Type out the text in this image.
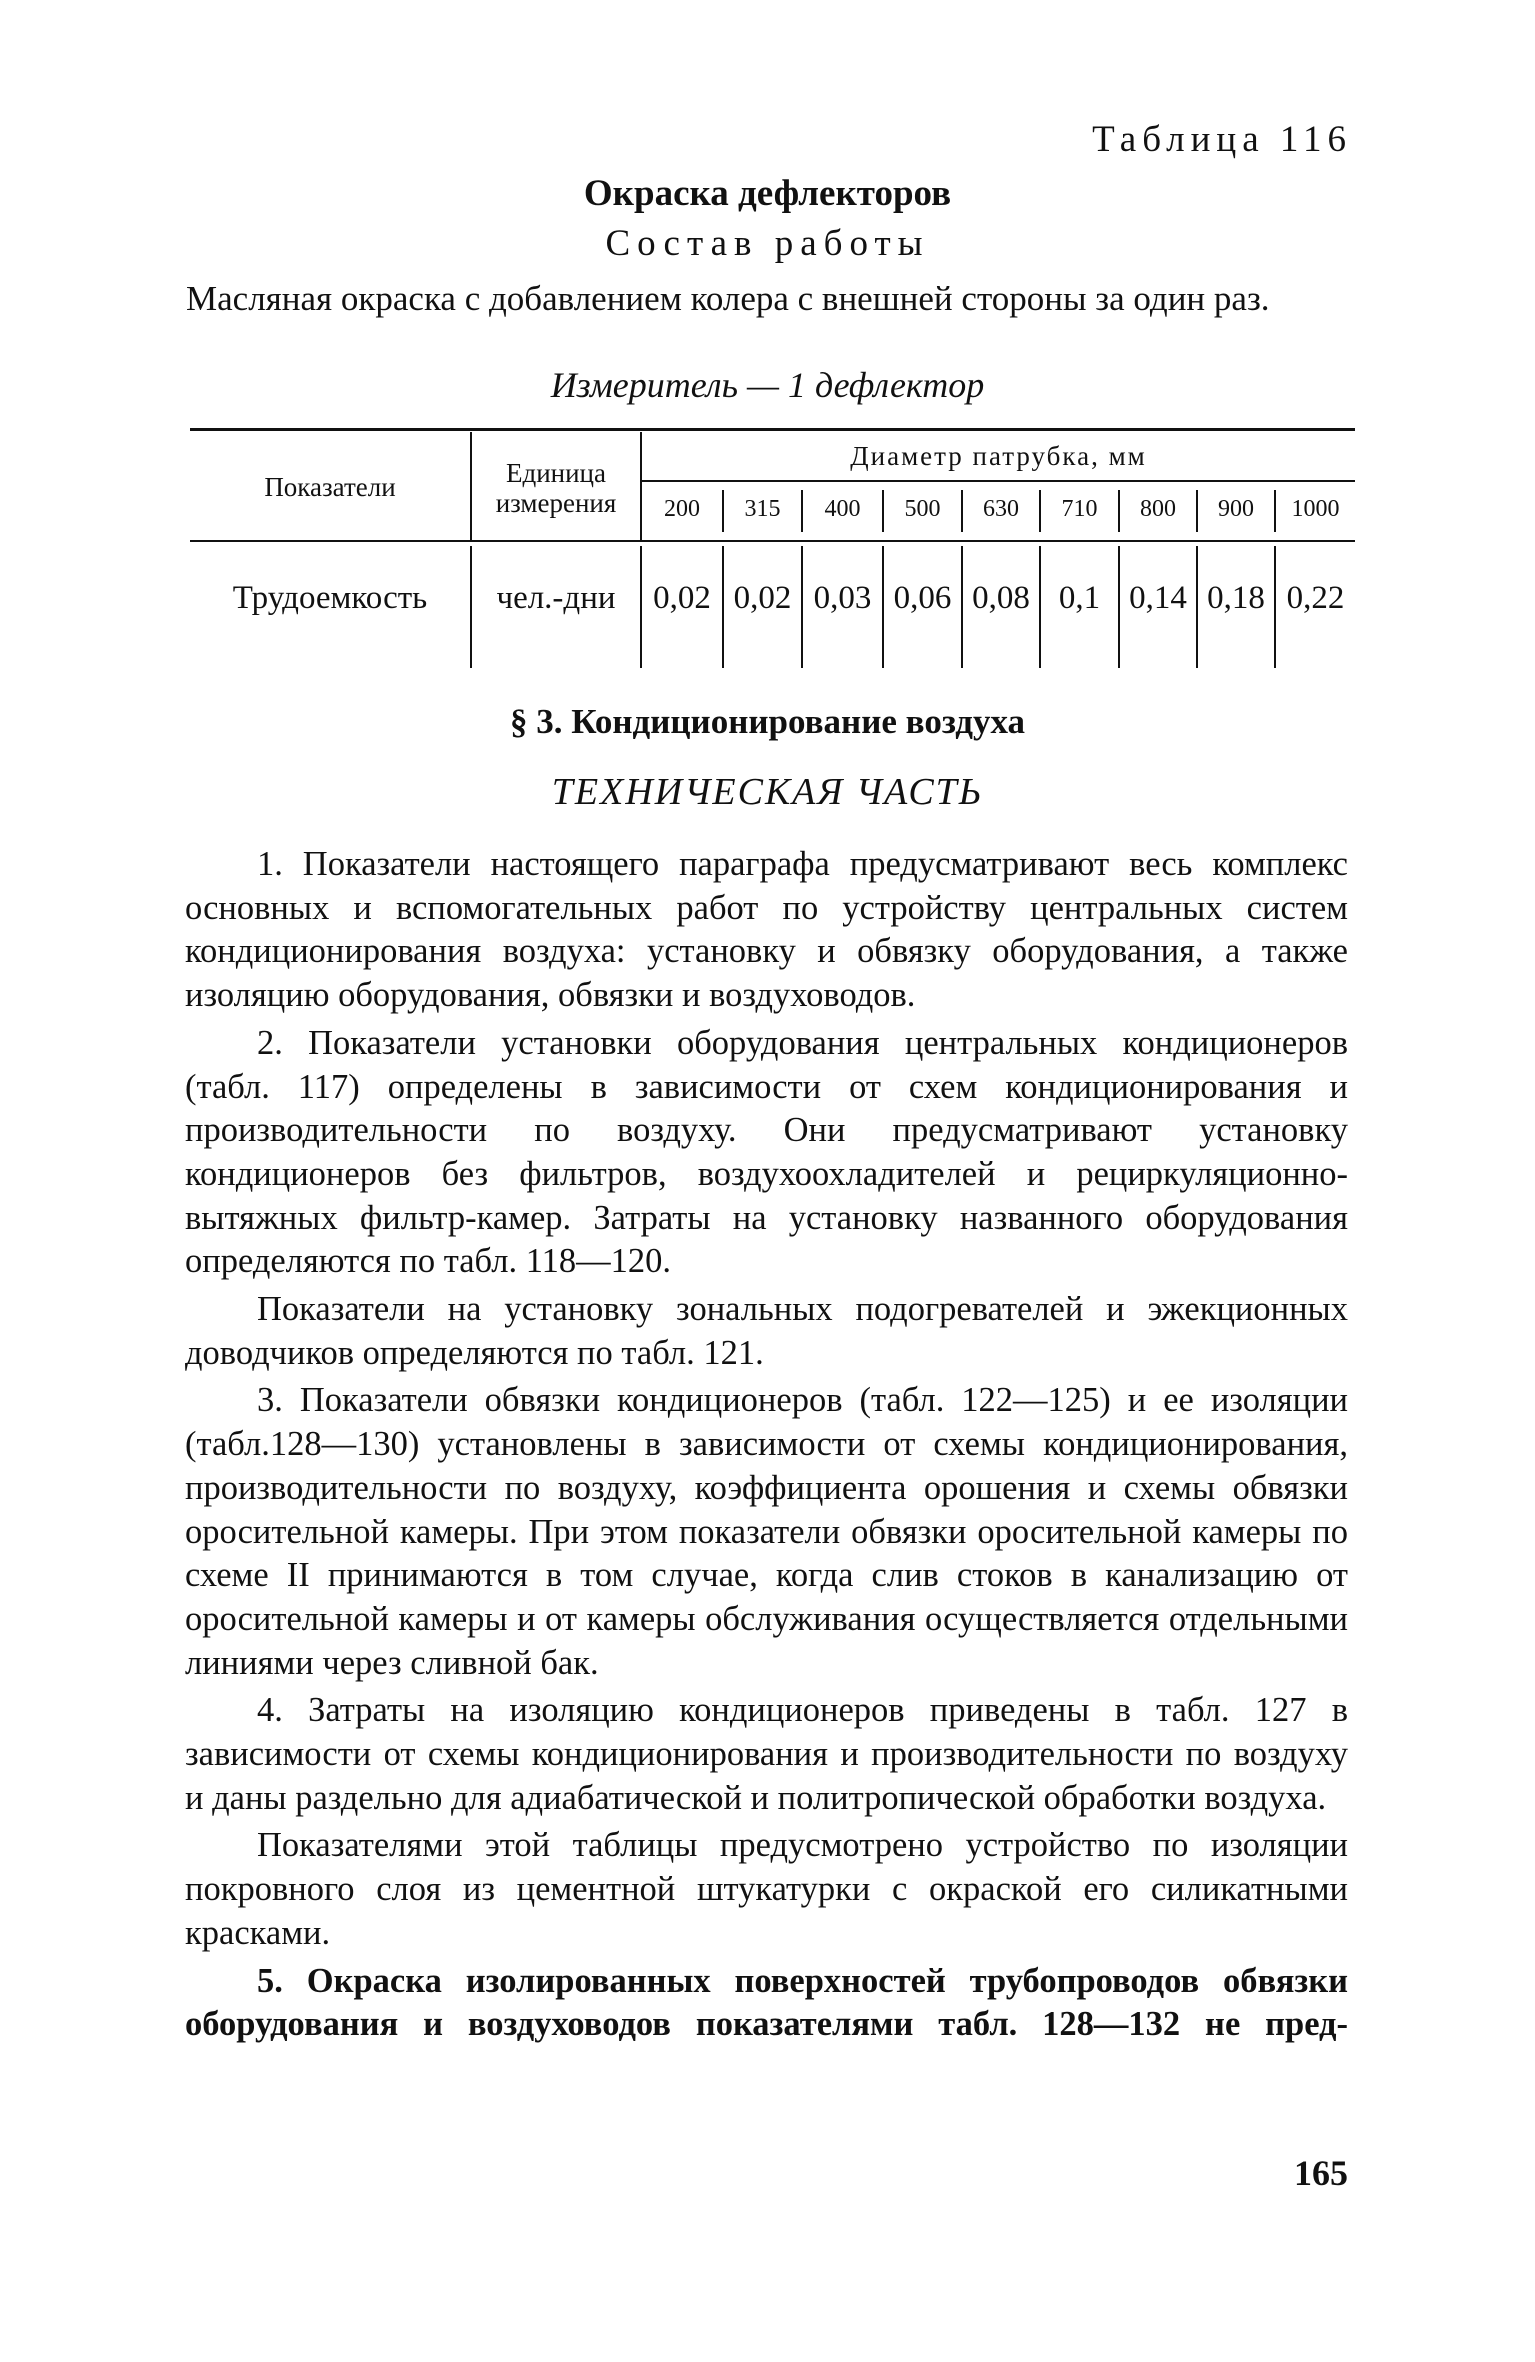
Таблица 116
Окраска дефлекторов
Состав работы
Масляная окраска с добавлением колера с внешней стороны за один раз.
Измеритель — 1 дефлектор
Показатели	Единица измерения
Диаметр патрубка, мм
200	315	400	500	630	710	800	900	1000
Трудоемкость	чел.-дни	0,02 0,02 0,03 0,06 0,08 0,1 0,14 0,18 0,22
§ 3. Кондиционирование воздуха
ТЕХНИЧЕСКАЯ ЧАСТЬ

1. Показатели настоящего параграфа предусматривают весь комплекс основных и вспомогательных работ по устройству центральных систем кондиционирования воздуха: установку и обвязку оборудования, а также изоляцию оборудования, обвязки и воздуховодов.

2. Показатели установки оборудования центральных кондиционеров (табл. 117) определены в зависимости от схем кондиционирования и производительности по воздуху. Они предусматривают установку кондиционеров без фильтров, воздухоохладителей и рециркуляционно-вытяжных фильтр-камер. Затраты на установку названного оборудования определяются по табл. 118—120.

Показатели на установку зональных подогревателей и эжекционных доводчиков определяются по табл. 121.

3. Показатели обвязки кондиционеров (табл. 122—125) и ее изоляции (табл.128—130) установлены в зависимости от схемы кондиционирования, производительности по воздуху, коэффициента орошения и схемы обвязки оросительной камеры. При этом показатели обвязки оросительной камеры по схеме II принимаются в том случае, когда слив стоков в канализацию от оросительной камеры и от камеры обслуживания осуществляется отдельными линиями через сливной бак.

4. Затраты на изоляцию кондиционеров приведены в табл. 127 в зависимости от схемы кондиционирования и производительности по воздуху и даны раздельно для адиабатической и политропической обработки воздуха.

Показателями этой таблицы предусмотрено устройство по изоляции покровного слоя из цементной штукатурки с окраской его силикатными красками.

5. Окраска изолированных поверхностей трубопроводов обвязки оборудования и воздуховодов показателями табл. 128—132 не пред-

165
